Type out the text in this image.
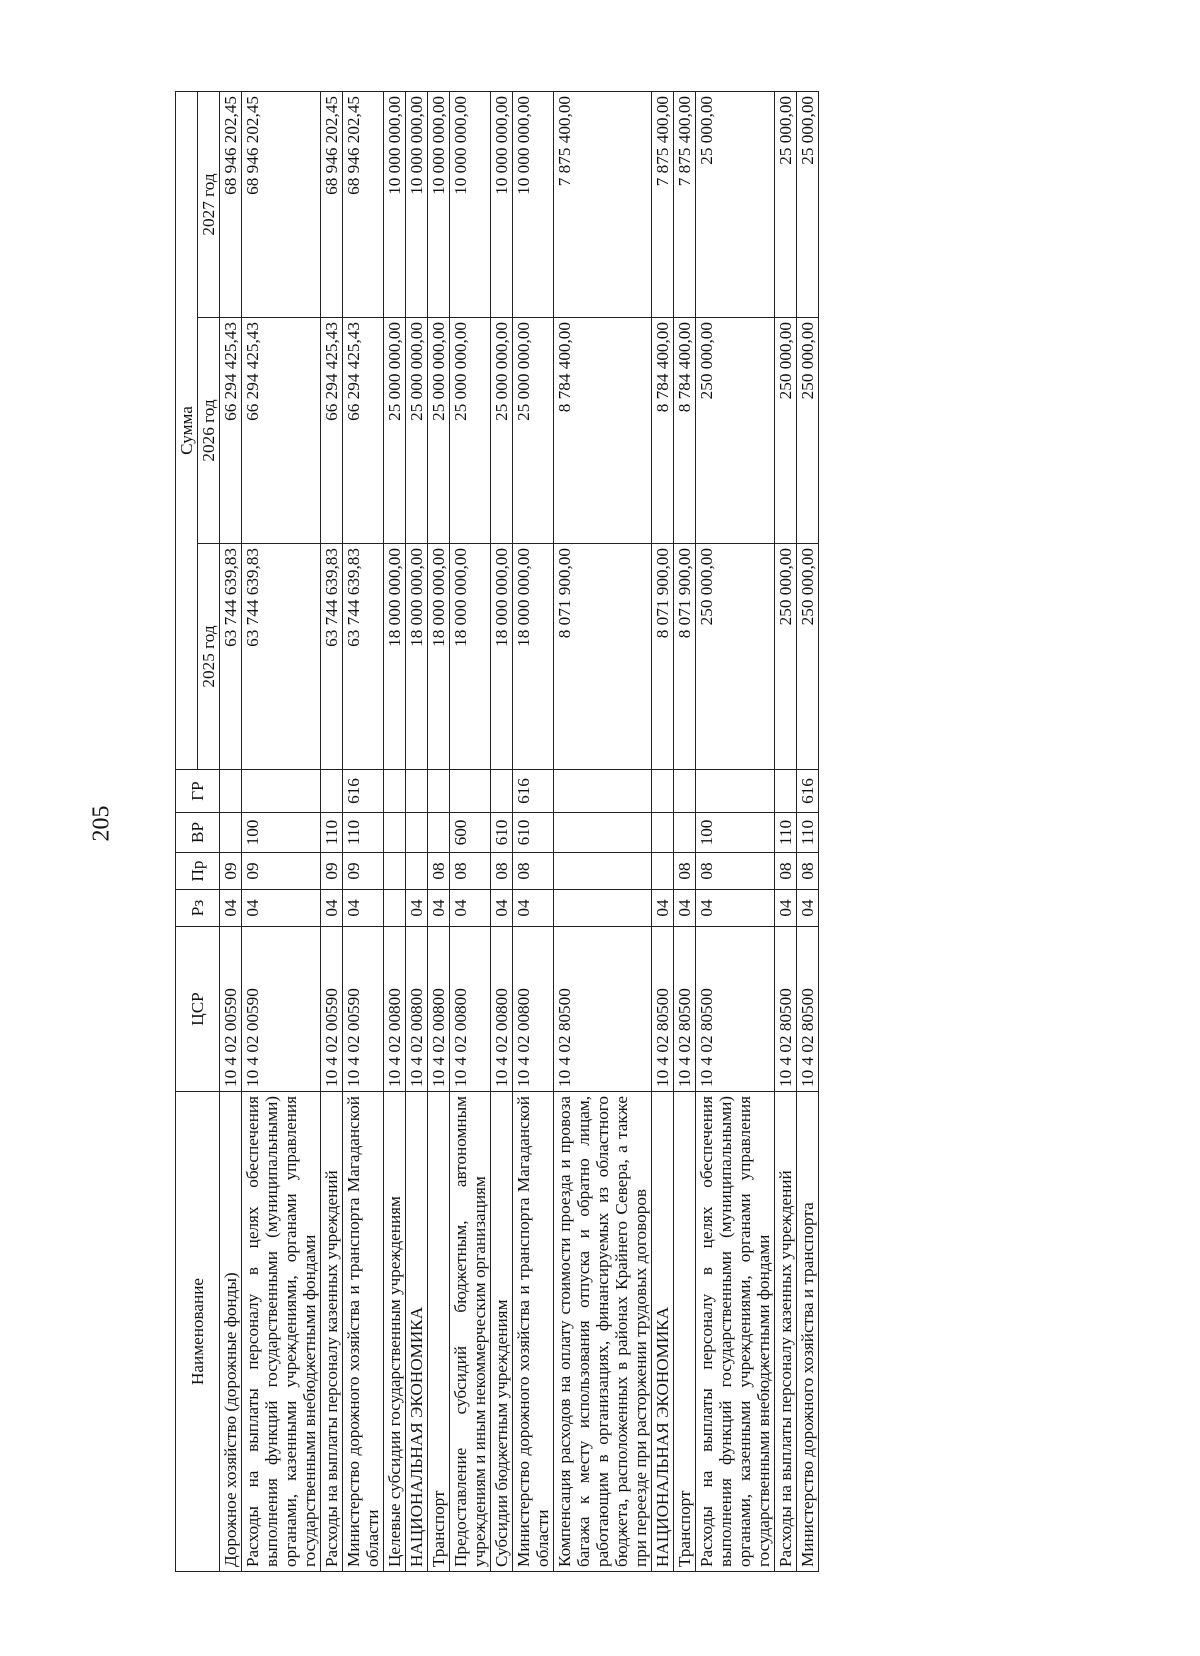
205
Наименование	ЦСР	Рз	Пр	ВР	ГР	Сумма		
						2025 год	2026 год	2027 год
Дорожное хозяйство (дорожные фонды)	10 4 02 00590	04	09			63 744 639,83	66 294 425,43	68 946 202,45
Расходы на выплаты персоналу в целях обеспечения выполнения функций государственными (муниципальными) органами, казенными учреждениями, органами управления государственными внебюджетными фондами	10 4 02 00590	04	09	100		63 744 639,83	66 294 425,43	68 946 202,45
Расходы на выплаты персоналу казенных учреждений	10 4 02 00590	04	09	110		63 744 639,83	66 294 425,43	68 946 202,45
Министерство дорожного хозяйства и транспорта Магаданской области	10 4 02 00590	04	09	110	616	63 744 639,83	66 294 425,43	68 946 202,45
Целевые субсидии государственным учреждениям	10 4 02 00800					18 000 000,00	25 000 000,00	10 000 000,00
НАЦИОНАЛЬНАЯ ЭКОНОМИКА	10 4 02 00800	04				18 000 000,00	25 000 000,00	10 000 000,00
Транспорт	10 4 02 00800	04	08			18 000 000,00	25 000 000,00	10 000 000,00
Предоставление субсидий бюджетным, автономным учреждениям и иным некоммерческим организациям	10 4 02 00800	04	08	600		18 000 000,00	25 000 000,00	10 000 000,00
Субсидии бюджетным учреждениям	10 4 02 00800	04	08	610		18 000 000,00	25 000 000,00	10 000 000,00
Министерство дорожного хозяйства и транспорта Магаданской области	10 4 02 00800	04	08	610	616	18 000 000,00	25 000 000,00	10 000 000,00
Компенсация расходов на оплату стоимости проезда и провоза багажа к месту использования отпуска и обратно лицам, работающим в организациях, финансируемых из областного бюджета, расположенных в районах Крайнего Севера, а также при переезде при расторжении трудовых договоров	10 4 02 80500					8 071 900,00	8 784 400,00	7 875 400,00
НАЦИОНАЛЬНАЯ ЭКОНОМИКА	10 4 02 80500	04				8 071 900,00	8 784 400,00	7 875 400,00
Транспорт	10 4 02 80500	04	08			8 071 900,00	8 784 400,00	7 875 400,00
Расходы на выплаты персоналу в целях обеспечения выполнения функций государственными (муниципальными) органами, казенными учреждениями, органами управления государственными внебюджетными фондами	10 4 02 80500	04	08	100		250 000,00	250 000,00	25 000,00
Расходы на выплаты персоналу казенных учреждений	10 4 02 80500	04	08	110		250 000,00	250 000,00	25 000,00
Министерство дорожного хозяйства и транспорта	10 4 02 80500	04	08	110	616	250 000,00	250 000,00	25 000,00
